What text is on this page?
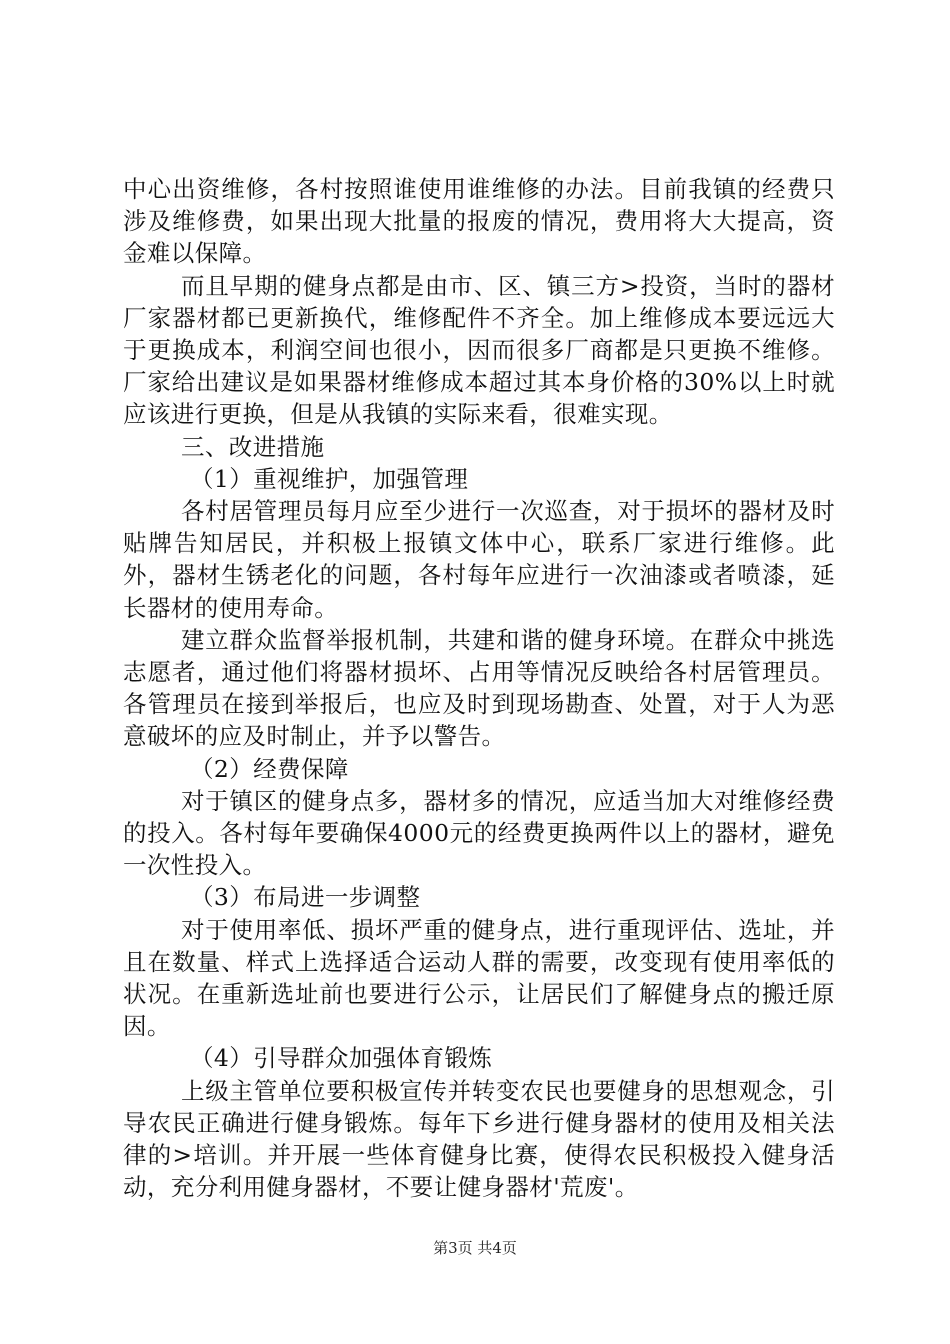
中心出资维修，各村按照谁使用谁维修的办法。目前我镇的经费只涉及维修费，如果出现大批量的报废的情况，费用将大大提高，资金难以保障。

而且早期的健身点都是由市、区、镇三方>投资，当时的器材厂家器材都已更新换代，维修配件不齐全。加上维修成本要远远大于更换成本，利润空间也很小，因而很多厂商都是只更换不维修。厂家给出建议是如果器材维修成本超过其本身价格的30%以上时就应该进行更换，但是从我镇的实际来看，很难实现。

三、改进措施

（1）重视维护，加强管理

各村居管理员每月应至少进行一次巡查，对于损坏的器材及时贴牌告知居民，并积极上报镇文体中心，联系厂家进行维修。此外，器材生锈老化的问题，各村每年应进行一次油漆或者喷漆，延长器材的使用寿命。

建立群众监督举报机制，共建和谐的健身环境。在群众中挑选志愿者，通过他们将器材损坏、占用等情况反映给各村居管理员。各管理员在接到举报后，也应及时到现场勘查、处置，对于人为恶意破坏的应及时制止，并予以警告。

（2）经费保障

对于镇区的健身点多，器材多的情况，应适当加大对维修经费的投入。各村每年要确保4000元的经费更换两件以上的器材，避免一次性投入。

（3）布局进一步调整

对于使用率低、损坏严重的健身点，进行重现评估、选址，并且在数量、样式上选择适合运动人群的需要，改变现有使用率低的状况。在重新选址前也要进行公示，让居民们了解健身点的搬迁原因。

（4）引导群众加强体育锻炼

上级主管单位要积极宣传并转变农民也要健身的思想观念，引导农民正确进行健身锻炼。每年下乡进行健身器材的使用及相关法律的>培训。并开展一些体育健身比赛，使得农民积极投入健身活动，充分利用健身器材，不要让健身器材'荒废'。

第3页 共4页
